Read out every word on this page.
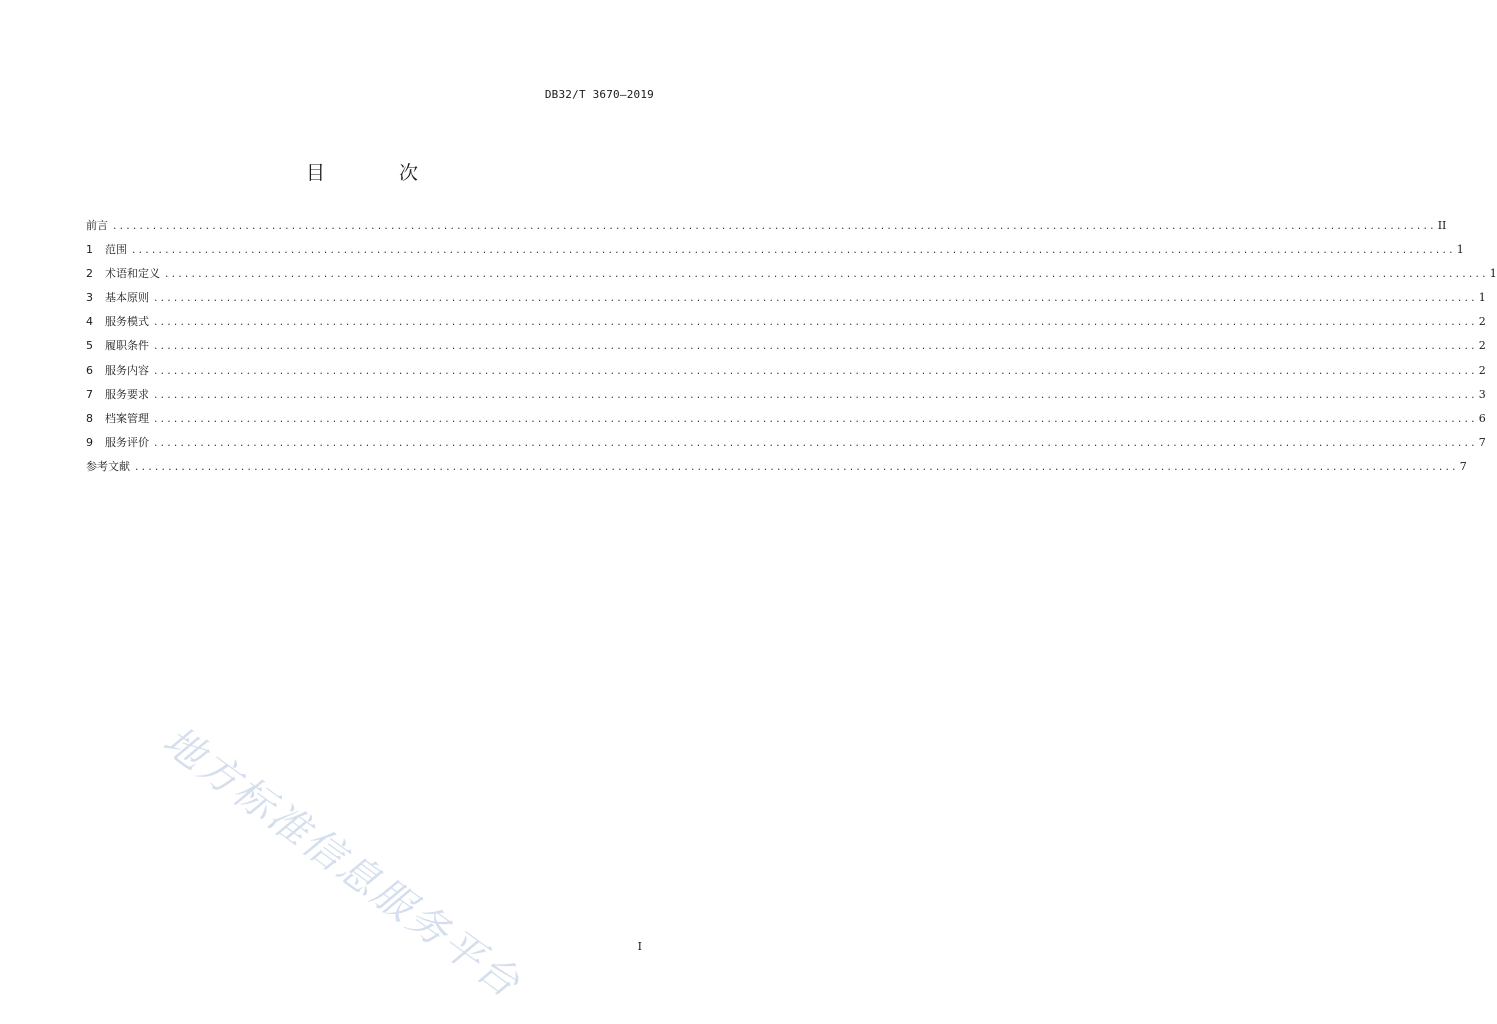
DB32/T 3670—2019
目 次
前言 ........................................................................................................................................................................................................ II
1	范围 ........................................................................................................................................................................................................ 1
2	术语和定义 ........................................................................................................................................................................................................ 1
3	基本原则 ........................................................................................................................................................................................................ 1
4	服务模式 ........................................................................................................................................................................................................ 2
5	履职条件 ........................................................................................................................................................................................................ 2
6	服务内容 ........................................................................................................................................................................................................ 2
7	服务要求 ........................................................................................................................................................................................................ 3
8	档案管理 ........................................................................................................................................................................................................ 6
9	服务评价 ........................................................................................................................................................................................................ 7
参考文献 ........................................................................................................................................................................................................ 7
地方标准信息服务平台	I
